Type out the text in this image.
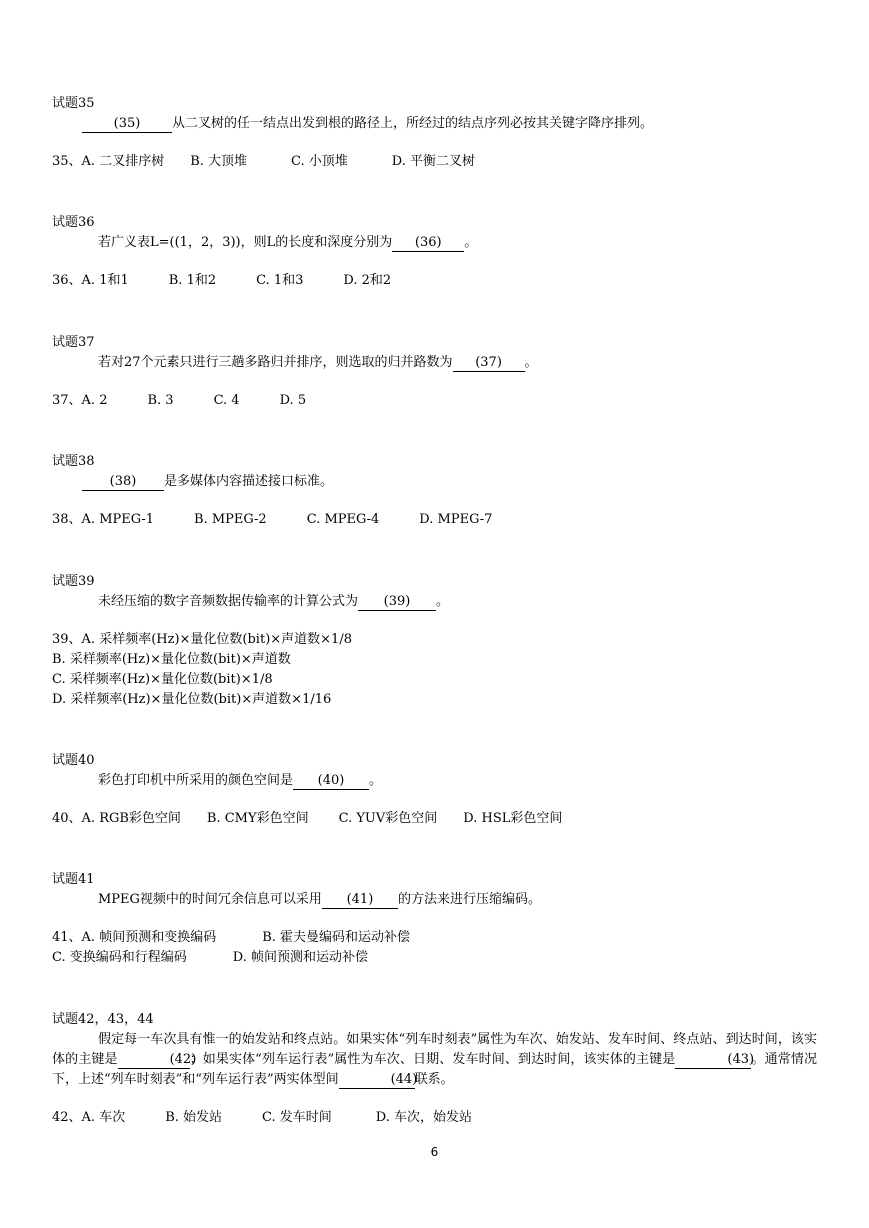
试题35

(35) 从二叉树的任一结点出发到根的路径上，所经过的结点序列必按其关键字降序排列。

35、A. 二叉排序树 B. 大顶堆	C. 小顶堆	D. 平衡二叉树

试题36

若广义表L=((1，2，3))，则L的长度和深度分别为 (36) 。

36、A. 1和1	B. 1和2	C. 1和3	D. 2和2

试题37

若对27个元素只进行三趟多路归并排序，则选取的归并路数为 (37) 。

37、A. 2	B. 3	C. 4	D. 5

试题38

(38) 是多媒体内容描述接口标准。

38、A. MPEG-1	B. MPEG-2	C. MPEG-4	D. MPEG-7

试题39

未经压缩的数字音频数据传输率的计算公式为 (39) 。

39、A. 采样频率(Hz)×量化位数(bit)×声道数×1/8
B. 采样频率(Hz)×量化位数(bit)×声道数
C. 采样频率(Hz)×量化位数(bit)×1/8
D. 采样频率(Hz)×量化位数(bit)×声道数×1/16

试题40

彩色打印机中所采用的颜色空间是 (40) 。

40、A. RGB彩色空间 B. CMY彩色空间 C. YUV彩色空间 D. HSL彩色空间

试题41

MPEG视频中的时间冗余信息可以采用 (41) 的方法来进行压缩编码。

41、A. 帧间预测和变换编码	B. 霍夫曼编码和运动补偿
C. 变换编码和行程编码	D. 帧间预测和运动补偿

试题42，43，44

假定每一车次具有惟一的始发站和终点站。如果实体“列车时刻表”属性为车次、始发站、发车时间、终点站、到达时间，该实体的主键是	(42)；如果实体“列车运行表”属性为车次、日期、发车时间、到达时间，该实体的主键是	(43)。通常情况下，上述“列车时刻表”和“列车运行表”两实体型间	(44)联系。

42、A. 车次	B. 始发站	C. 发车时间	D. 车次，始发站
6
